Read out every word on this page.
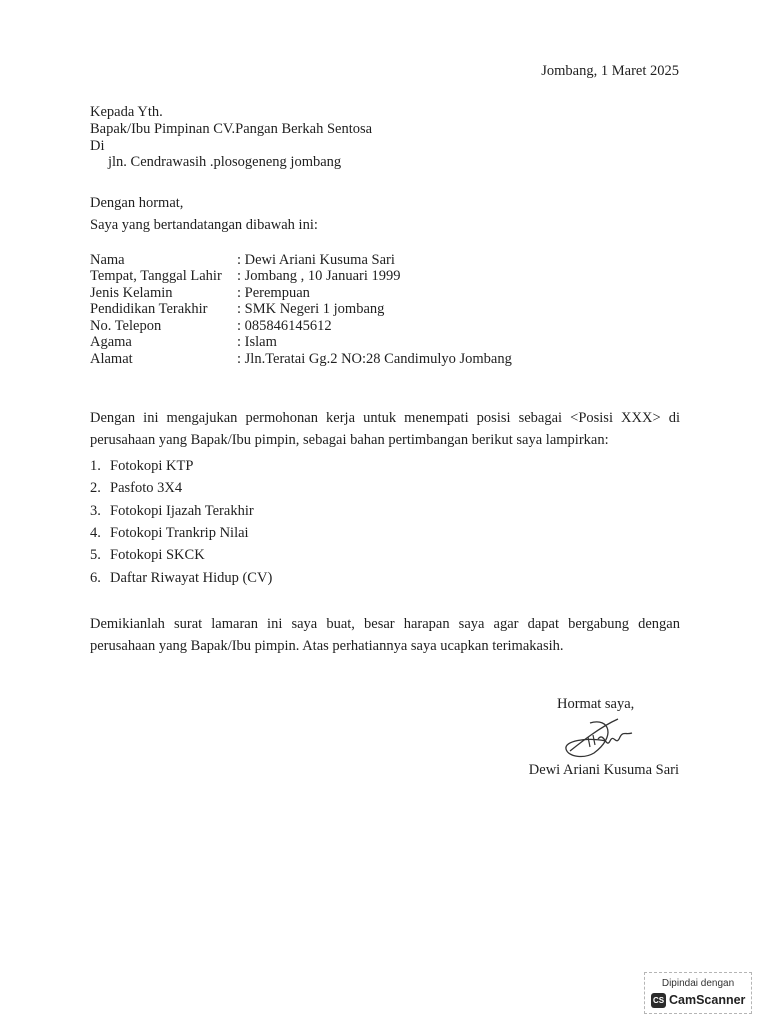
Jombang, 1 Maret 2025
Kepada Yth.
Bapak/Ibu Pimpinan CV.Pangan Berkah Sentosa
Di
jln. Cendrawasih .plosogeneng jombang
Dengan hormat,
Saya yang bertandatangan dibawah ini:
Nama	: Dewi Ariani Kusuma Sari
Tempat, Tanggal Lahir : Jombang , 10 Januari 1999
Jenis Kelamin	: Perempuan
Pendidikan Terakhir : SMK Negeri 1 jombang
No. Telepon	: 085846145612
Agama	: Islam
Alamat	: Jln.Teratai Gg.2 NO:28 Candimulyo Jombang
Dengan ini mengajukan permohonan kerja untuk menempati posisi sebagai <Posisi XXX> di perusahaan yang Bapak/Ibu pimpin, sebagai bahan pertimbangan berikut saya lampirkan:
1. Fotokopi KTP
2. Pasfoto 3X4
3. Fotokopi Ijazah Terakhir
4. Fotokopi Trankrip Nilai
5. Fotokopi SKCK
6. Daftar Riwayat Hidup (CV)
Demikianlah surat lamaran ini saya buat, besar harapan saya agar dapat bergabung dengan perusahaan yang Bapak/Ibu pimpin. Atas perhatiannya saya ucapkan terimakasih.
Hormat saya,
Dewi Ariani Kusuma Sari
Dipindai dengan
CS CamScanner
